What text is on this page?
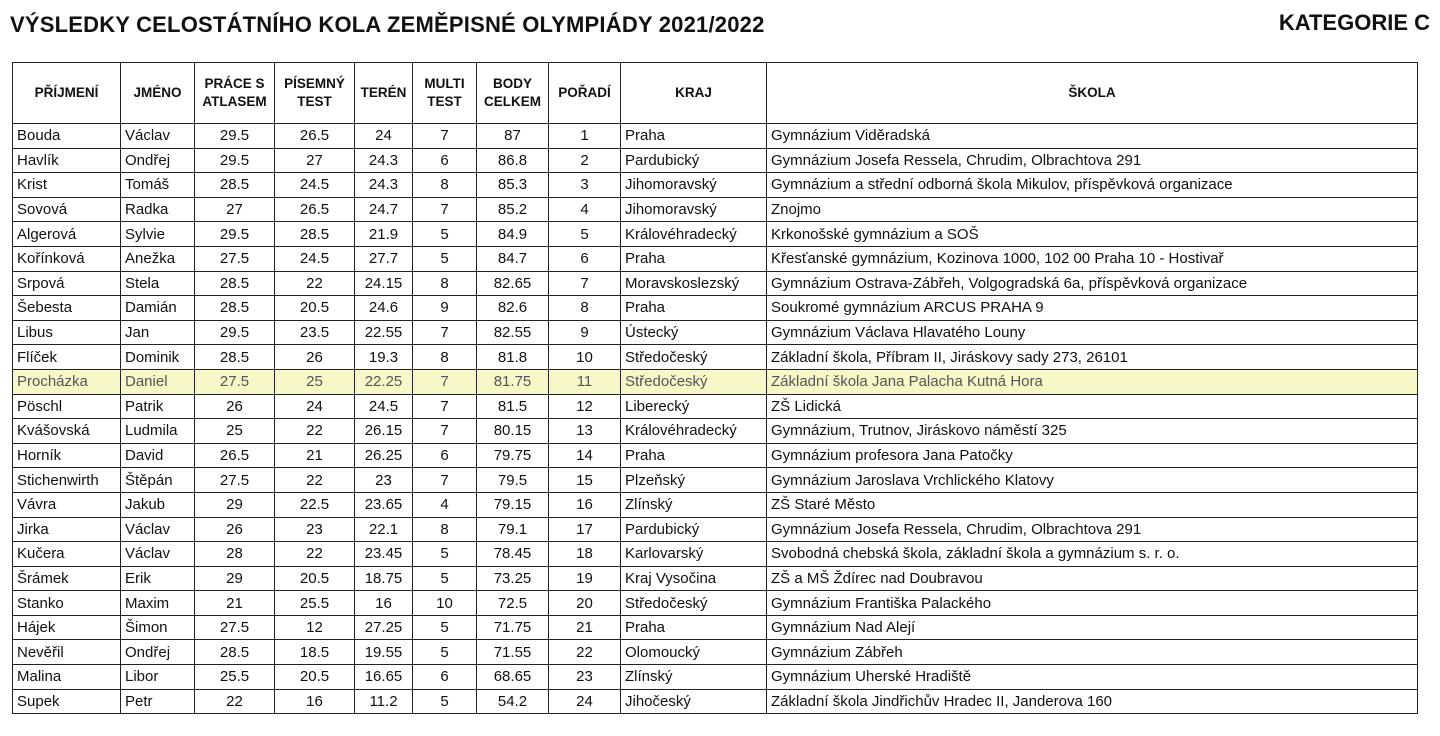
VÝSLEDKY CELOSTÁTNÍHO KOLA ZEMĚPISNÉ OLYMPIÁDY 2021/2022	KATEGORIE C
PŘÍJMENÍ	JMÉNO	PRÁCE S ATLASEM	PÍSEMNÝ TEST	TERÉN	MULTI TEST	BODY CELKEM	POŘADÍ	KRAJ	ŠKOLA
Bouda	Václav	29.5	26.5	24	7	87	1	Praha	Gymnázium Viděradská
Havlík	Ondřej	29.5	27	24.3	6	86.8	2	Pardubický	Gymnázium Josefa Ressela, Chrudim, Olbrachtova 291
Krist	Tomáš	28.5	24.5	24.3	8	85.3	3	Jihomoravský	Gymnázium a střední odborná škola Mikulov, příspěvková organizace
Sovová	Radka	27	26.5	24.7	7	85.2	4	Jihomoravský	Znojmo
Algerová	Sylvie	29.5	28.5	21.9	5	84.9	5	Královéhradecký	Krkonošské gymnázium a SOŠ
Kořínková	Anežka	27.5	24.5	27.7	5	84.7	6	Praha	Křesťanské gymnázium, Kozinova 1000, 102 00 Praha 10 - Hostivař
Srpová	Stela	28.5	22	24.15	8	82.65	7	Moravskoslezský	Gymnázium Ostrava-Zábřeh, Volgogradská 6a, příspěvková organizace
Šebesta	Damián	28.5	20.5	24.6	9	82.6	8	Praha	Soukromé gymnázium ARCUS PRAHA 9
Libus	Jan	29.5	23.5	22.55	7	82.55	9	Ústecký	Gymnázium Václava Hlavatého Louny
Flíček	Dominik	28.5	26	19.3	8	81.8	10	Středočeský	Základní škola, Příbram II, Jiráskovy sady 273, 26101
Procházka	Daniel	27.5	25	22.25	7	81.75	11	Středočeský	Základní škola Jana Palacha Kutná Hora
Pöschl	Patrik	26	24	24.5	7	81.5	12	Liberecký	ZŠ Lidická
Kvášovská	Ludmila	25	22	26.15	7	80.15	13	Královéhradecký	Gymnázium, Trutnov, Jiráskovo náměstí 325
Horník	David	26.5	21	26.25	6	79.75	14	Praha	Gymnázium profesora Jana Patočky
Stichenwirth	Štěpán	27.5	22	23	7	79.5	15	Plzeňský	Gymnázium Jaroslava Vrchlického Klatovy
Vávra	Jakub	29	22.5	23.65	4	79.15	16	Zlínský	ZŠ Staré Město
Jirka	Václav	26	23	22.1	8	79.1	17	Pardubický	Gymnázium Josefa Ressela, Chrudim, Olbrachtova 291
Kučera	Václav	28	22	23.45	5	78.45	18	Karlovarský	Svobodná chebská škola, základní škola a gymnázium s. r. o.
Šrámek	Erik	29	20.5	18.75	5	73.25	19	Kraj Vysočina	ZŠ a MŠ Ždírec nad Doubravou
Stanko	Maxim	21	25.5	16	10	72.5	20	Středočeský	Gymnázium Františka Palackého
Hájek	Šimon	27.5	12	27.25	5	71.75	21	Praha	Gymnázium Nad Alejí
Nevěřil	Ondřej	28.5	18.5	19.55	5	71.55	22	Olomoucký	Gymnázium Zábřeh
Malina	Libor	25.5	20.5	16.65	6	68.65	23	Zlínský	Gymnázium Uherské Hradiště
Supek	Petr	22	16	11.2	5	54.2	24	Jihočeský	Základní škola Jindřichův Hradec II, Janderova 160
